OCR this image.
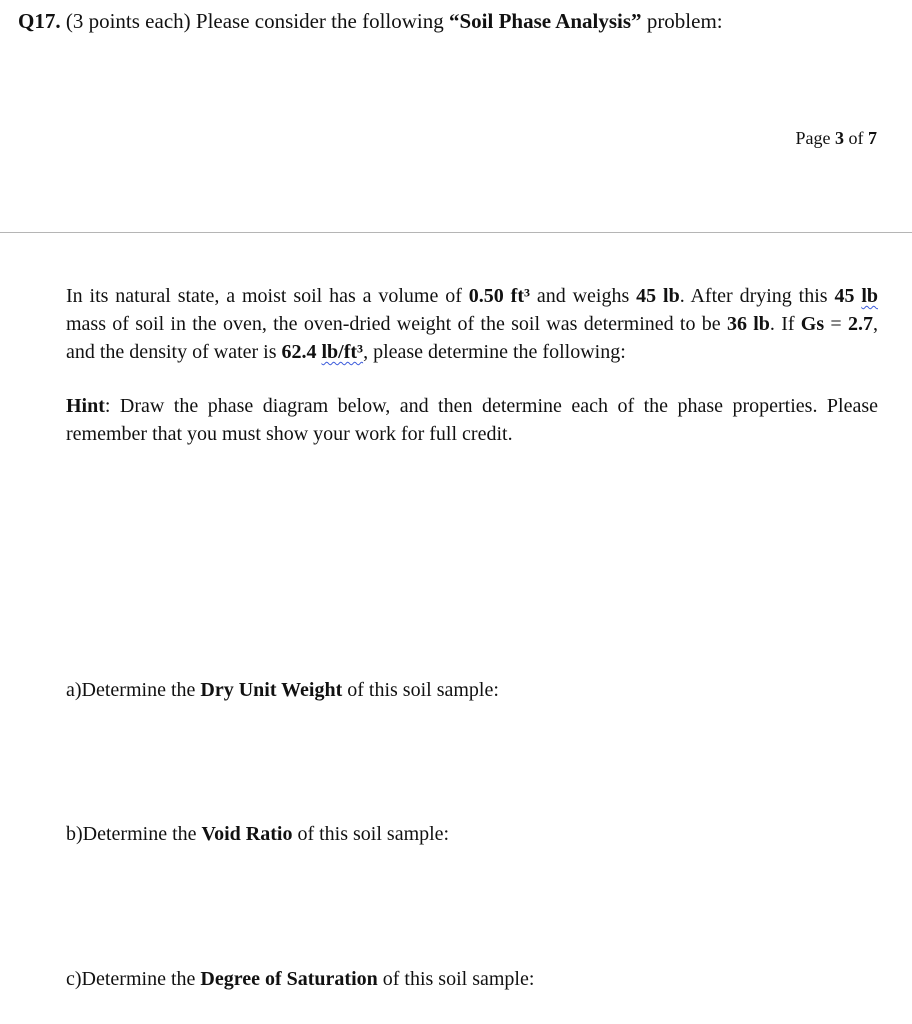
Q17. (3 points each) Please consider the following “Soil Phase Analysis” problem:
Page 3 of 7
In its natural state, a moist soil has a volume of 0.50 ft³ and weighs 45 lb. After drying this 45 lb mass of soil in the oven, the oven-dried weight of the soil was determined to be 36 lb. If Gs = 2.7, and the density of water is 62.4 lb/ft³, please determine the following:
Hint: Draw the phase diagram below, and then determine each of the phase properties. Please remember that you must show your work for full credit.
a)Determine the Dry Unit Weight of this soil sample:
b)Determine the Void Ratio of this soil sample:
c)Determine the Degree of Saturation of this soil sample:
